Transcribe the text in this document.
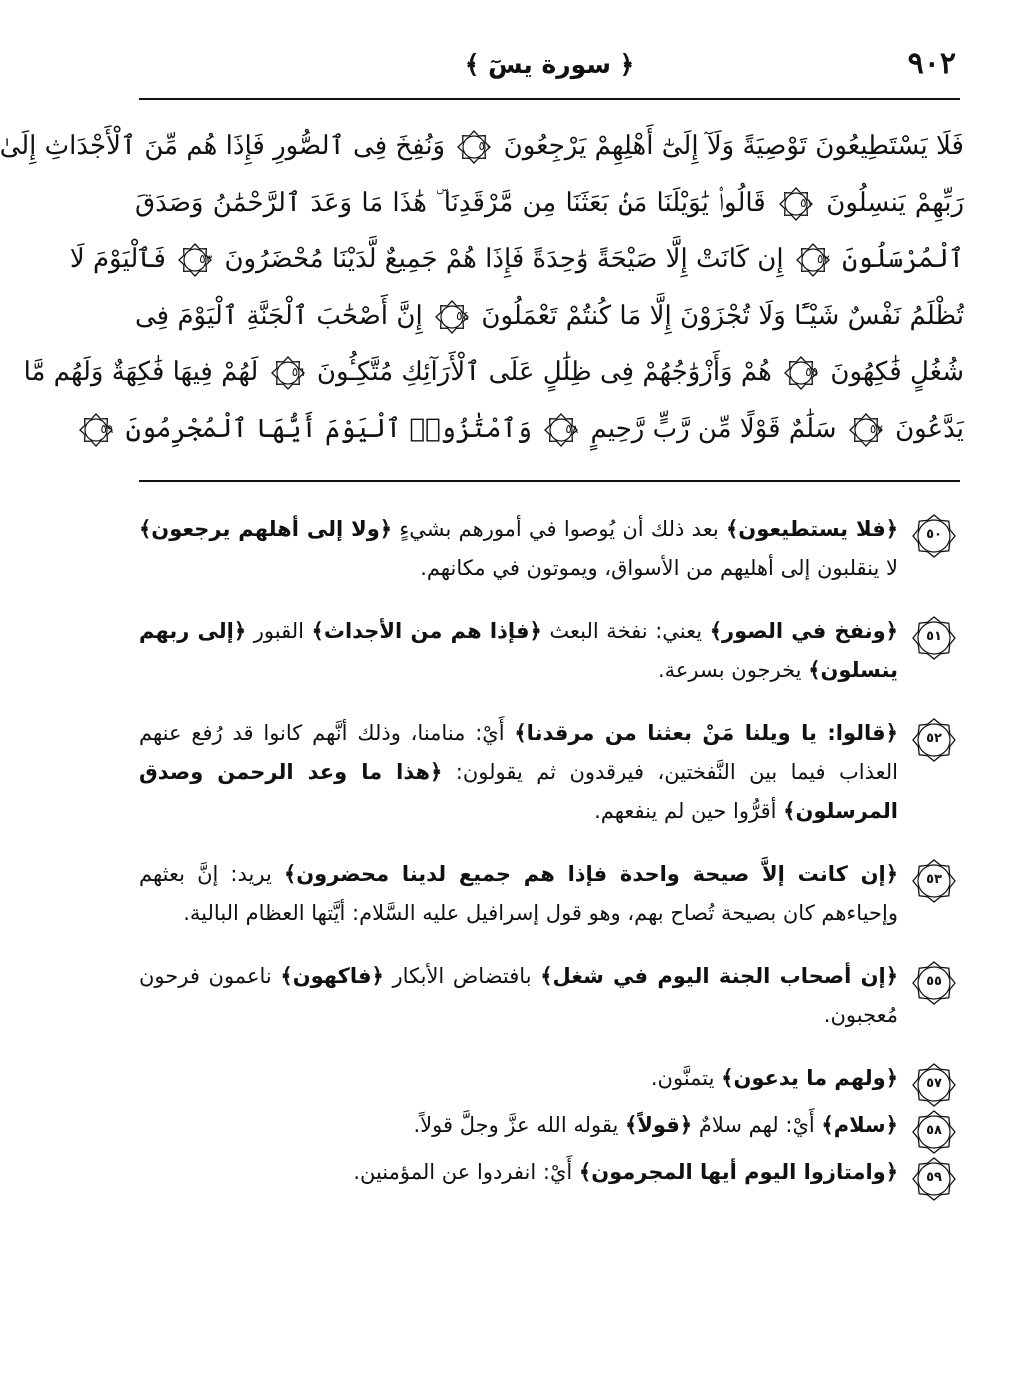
٩٠٢
﴿ سورة يسٓ ﴾
فَلَا يَسْتَطِيعُونَ تَوْصِيَةً وَلَآ إِلَىٰٓ أَهْلِهِمْ يَرْجِعُونَ
٥٠
وَنُفِخَ فِى ٱلصُّورِ فَإِذَا هُم مِّنَ ٱلْأَجْدَاثِ إِلَىٰ
رَبِّهِمْ يَنسِلُونَ
٥١
قَالُوا۟ يَٰوَيْلَنَا مَنۢ بَعَثَنَا مِن مَّرْقَدِنَا ۜ هَٰذَا مَا وَعَدَ ٱلرَّحْمَٰنُ وَصَدَقَ
ٱلْمُرْسَلُونَ
٥٢
إِن كَانَتْ إِلَّا صَيْحَةً وَٰحِدَةً فَإِذَا هُمْ جَمِيعٌ لَّدَيْنَا مُحْضَرُونَ
٥٣
فَٱلْيَوْمَ لَا
تُظْلَمُ نَفْسٌ شَيْـًٔا وَلَا تُجْزَوْنَ إِلَّا مَا كُنتُمْ تَعْمَلُونَ
٥٤
إِنَّ أَصْحَٰبَ ٱلْجَنَّةِ ٱلْيَوْمَ فِى
شُغُلٍ فَٰكِهُونَ
٥٥
هُمْ وَأَزْوَٰجُهُمْ فِى ظِلَٰلٍ عَلَى ٱلْأَرَآئِكِ مُتَّكِـُٔونَ
٥٦
لَهُمْ فِيهَا فَٰكِهَةٌ وَلَهُم مَّا
يَدَّعُونَ
٥٧
سَلَٰمٌ قَوْلًا مِّن رَّبٍّ رَّحِيمٍ
٥٨
وَٱمْتَٰزُوا۟ ٱلْيَوْمَ أَيُّهَا ٱلْمُجْرِمُونَ
٥٩
٥٠
﴿فلا يستطيعون﴾ بعد ذلك أن يُوصوا في أمورهم بشيءٍ ﴿ولا إلى أهلهم يرجعون﴾ لا ينقلبون إلى أهليهم من الأسواق، ويموتون في مكانهم.
٥١
﴿ونفخ في الصور﴾ يعني: نفخة البعث ﴿فإذا هم من الأجداث﴾ القبور ﴿إلى ربهم ينسلون﴾ يخرجون بسرعة.
٥٢
﴿قالوا: يا ويلنا مَنْ بعثنا من مرقدنا﴾ أَيْ: منامنا، وذلك أنَّهم كانوا قد رُفع عنهم العذاب فيما بين النَّفختين، فيرقدون ثم يقولون: ﴿هذا ما وعد الرحمن وصدق المرسلون﴾ أقرُّوا حين لم ينفعهم.
٥٣
﴿إن كانت إلاَّ صيحة واحدة فإذا هم جميع لدينا محضرون﴾ يريد: إنَّ بعثهم وإحياءهم كان بصيحة تُصاح بهم، وهو قول إسرافيل عليه السَّلام: أيَّتها العظام البالية.
٥٥
﴿إن أصحاب الجنة اليوم في شغل﴾ بافتضاض الأبكار ﴿فاكهون﴾ ناعمون فرحون مُعجبون.
٥٧
﴿ولهم ما يدعون﴾ يتمنَّون.
٥٨
﴿سلام﴾ أَيْ: لهم سلامٌ ﴿قولاً﴾ يقوله الله عزَّ وجلَّ قولاً.
٥٩
﴿وامتازوا اليوم أيها المجرمون﴾ أَيْ: انفردوا عن المؤمنين.
